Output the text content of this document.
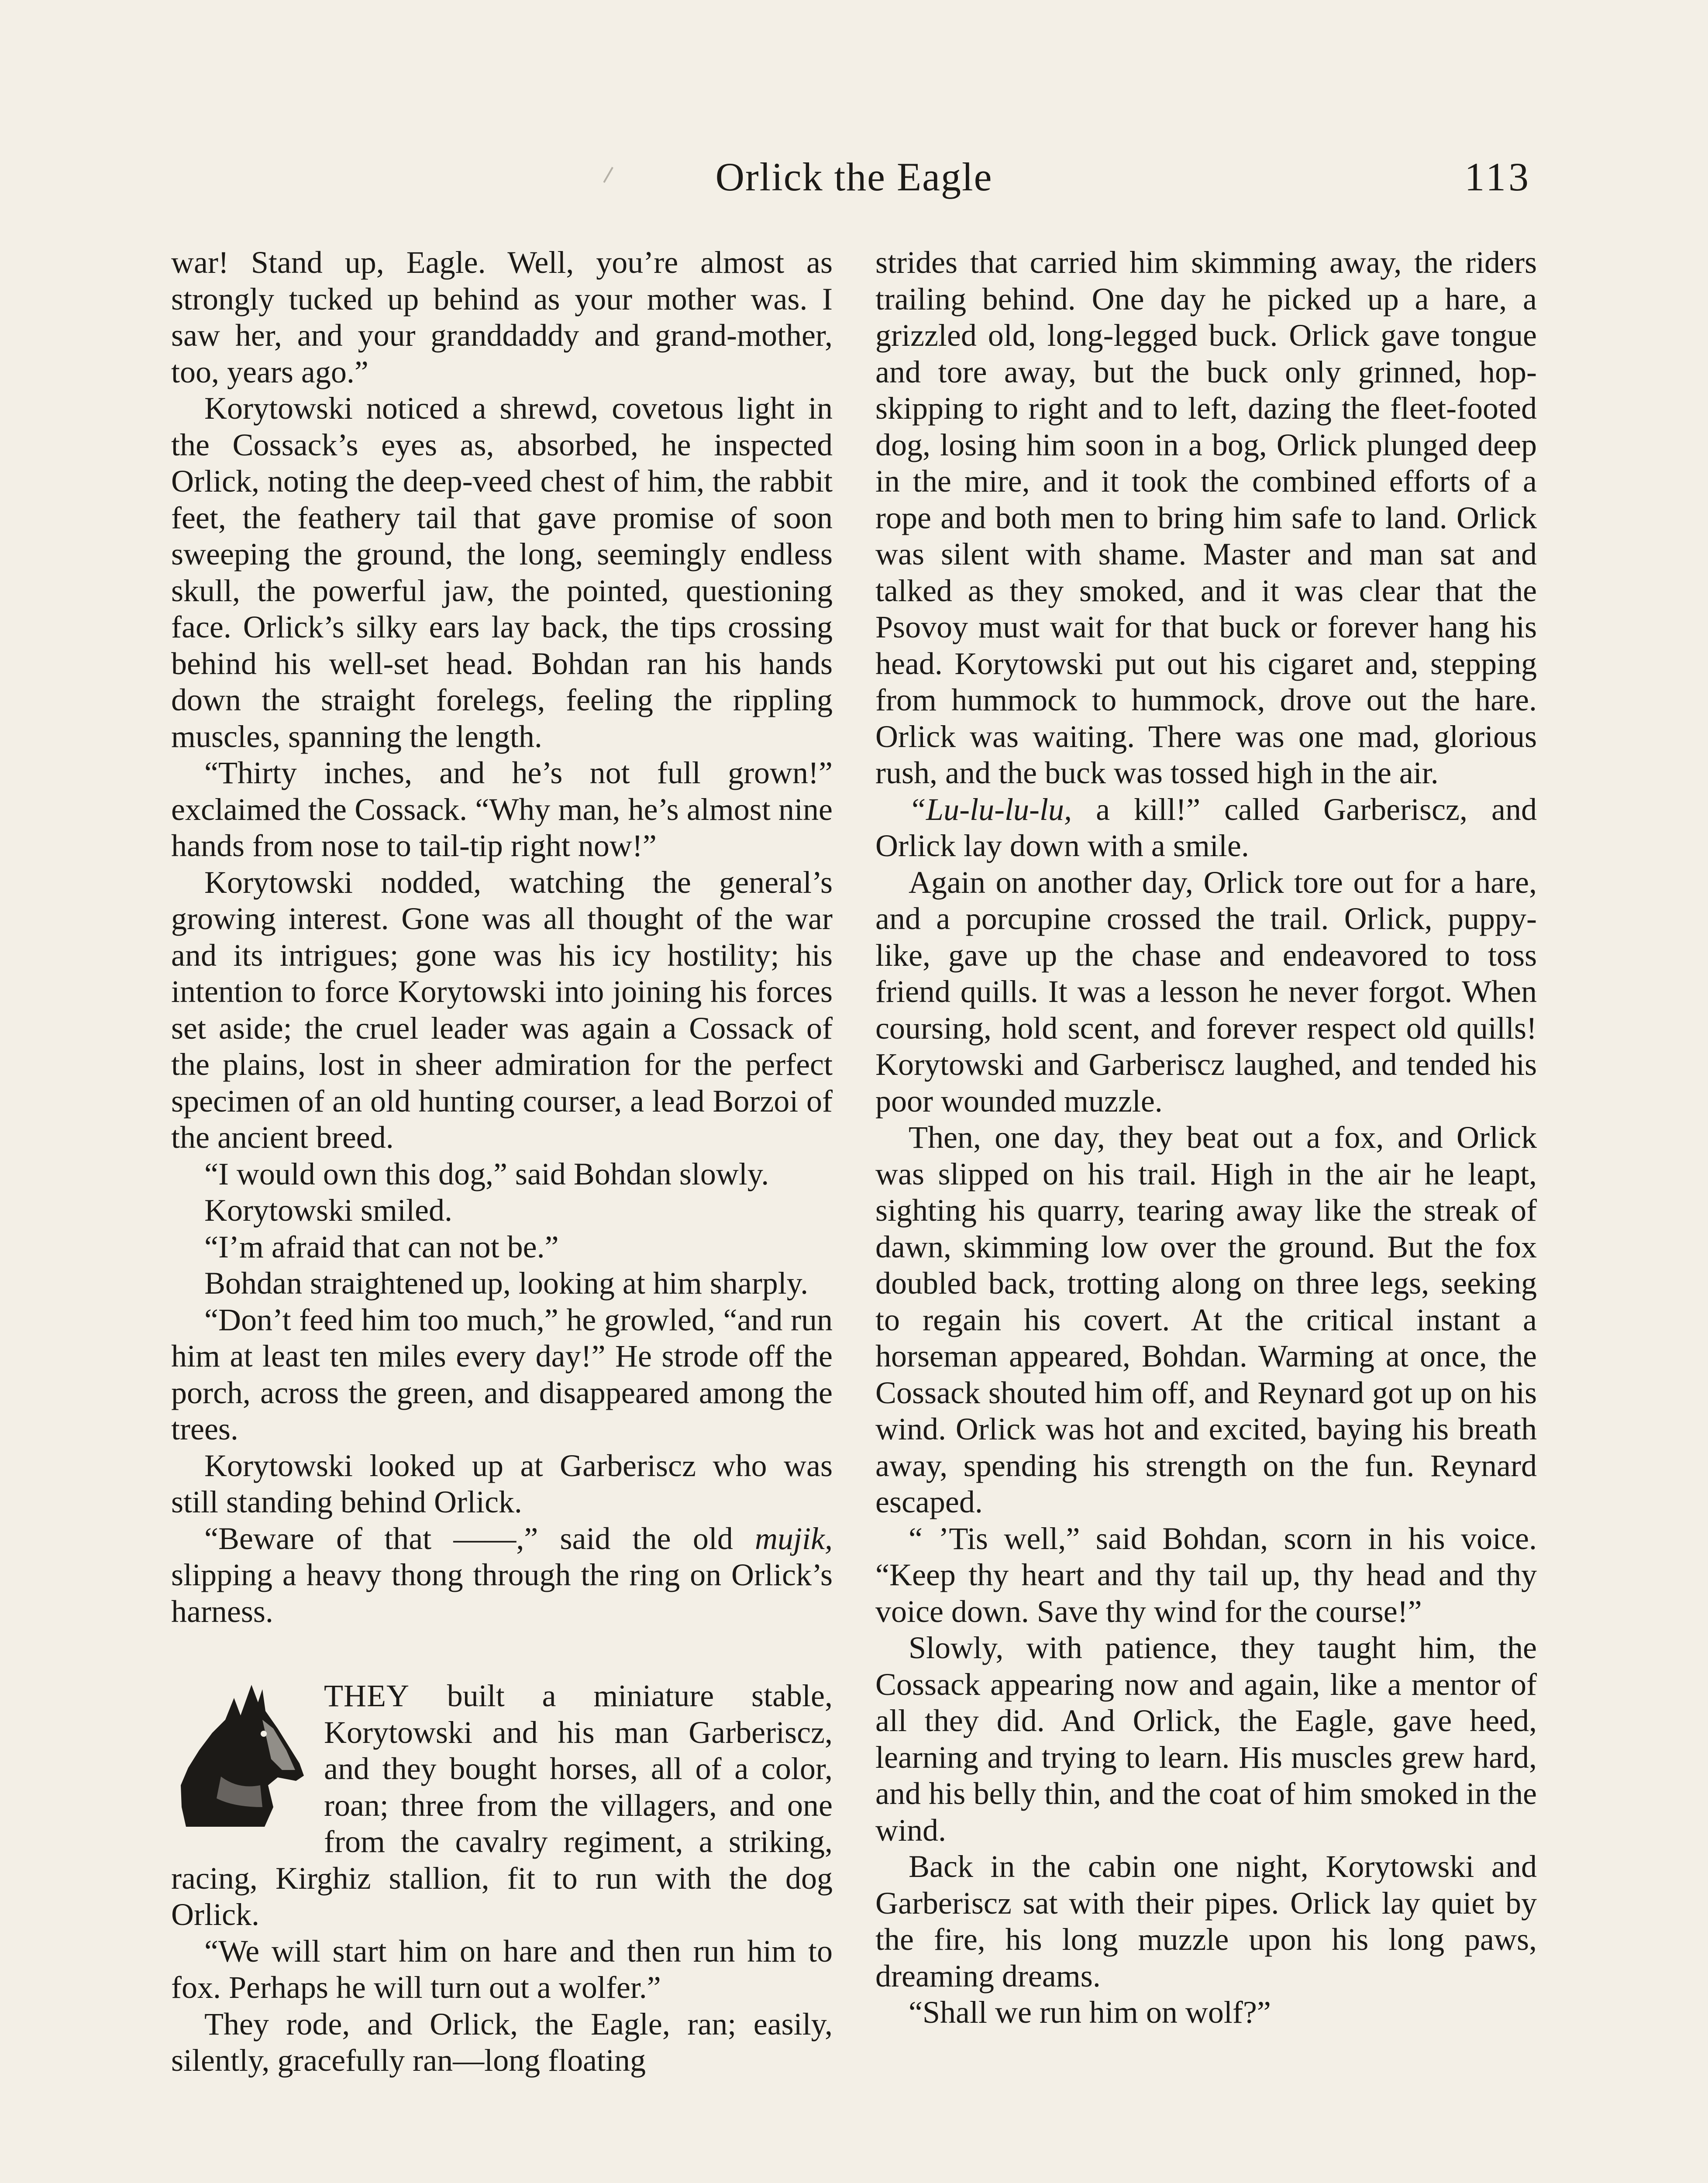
Orlick the Eagle	113

war! Stand up, Eagle. Well, you’re almost as strongly tucked up behind as your mother was. I saw her, and your granddaddy and grand-mother, too, years ago.”

Korytowski noticed a shrewd, covetous light in the Cossack’s eyes as, absorbed, he inspected Orlick, noting the deep-veed chest of him, the rabbit feet, the feathery tail that gave promise of soon sweeping the ground, the long, seemingly endless skull, the powerful jaw, the pointed, questioning face. Orlick’s silky ears lay back, the tips crossing behind his well-set head. Bohdan ran his hands down the straight forelegs, feeling the rippling muscles, spanning the length.

“Thirty inches, and he’s not full grown!” exclaimed the Cossack. “Why man, he’s almost nine hands from nose to tail-tip right now!”

Korytowski nodded, watching the general’s growing interest. Gone was all thought of the war and its intrigues; gone was his icy hostility; his intention to force Korytowski into joining his forces set aside; the cruel leader was again a Cossack of the plains, lost in sheer admiration for the perfect specimen of an old hunting courser, a lead Borzoi of the ancient breed.

“I would own this dog,” said Bohdan slowly.

Korytowski smiled.

“I’m afraid that can not be.”

Bohdan straightened up, looking at him sharply.

“Don’t feed him too much,” he growled, “and run him at least ten miles every day!” He strode off the porch, across the green, and disappeared among the trees.

Korytowski looked up at Garberiscz who was still standing behind Orlick.

“Beware of that ——,” said the old mujik, slipping a heavy thong through the ring on Orlick’s harness.

THEY built a miniature stable, Korytowski and his man Garberiscz, and they bought horses, all of a color, roan; three from the villagers, and one from the cavalry regiment, a striking, racing, Kirghiz stallion, fit to run with the dog Orlick.

“We will start him on hare and then run him to fox. Perhaps he will turn out a wolfer.”

They rode, and Orlick, the Eagle, ran; easily, silently, gracefully ran—long floating

strides that carried him skimming away, the riders trailing behind. One day he picked up a hare, a grizzled old, long-legged buck. Orlick gave tongue and tore away, but the buck only grinned, hop-skipping to right and to left, dazing the fleet-footed dog, losing him soon in a bog, Orlick plunged deep in the mire, and it took the combined efforts of a rope and both men to bring him safe to land. Orlick was silent with shame. Master and man sat and talked as they smoked, and it was clear that the Psovoy must wait for that buck or forever hang his head. Korytowski put out his cigaret and, stepping from hummock to hummock, drove out the hare. Orlick was waiting. There was one mad, glorious rush, and the buck was tossed high in the air.

“Lu-lu-lu-lu, a kill!” called Garberiscz, and Orlick lay down with a smile.

Again on another day, Orlick tore out for a hare, and a porcupine crossed the trail. Orlick, puppy-like, gave up the chase and endeavored to toss friend quills. It was a lesson he never forgot. When coursing, hold scent, and forever respect old quills! Korytowski and Garberiscz laughed, and tended his poor wounded muzzle.

Then, one day, they beat out a fox, and Orlick was slipped on his trail. High in the air he leapt, sighting his quarry, tearing away like the streak of dawn, skimming low over the ground. But the fox doubled back, trotting along on three legs, seeking to regain his covert. At the critical instant a horseman appeared, Bohdan. Warming at once, the Cossack shouted him off, and Reynard got up on his wind. Orlick was hot and excited, baying his breath away, spending his strength on the fun. Reynard escaped.

“ ’Tis well,” said Bohdan, scorn in his voice. “Keep thy heart and thy tail up, thy head and thy voice down. Save thy wind for the course!”

Slowly, with patience, they taught him, the Cossack appearing now and again, like a mentor of all they did. And Orlick, the Eagle, gave heed, learning and trying to learn. His muscles grew hard, and his belly thin, and the coat of him smoked in the wind.

Back in the cabin one night, Korytowski and Garberiscz sat with their pipes. Orlick lay quiet by the fire, his long muzzle upon his long paws, dreaming dreams.

“Shall we run him on wolf?”
